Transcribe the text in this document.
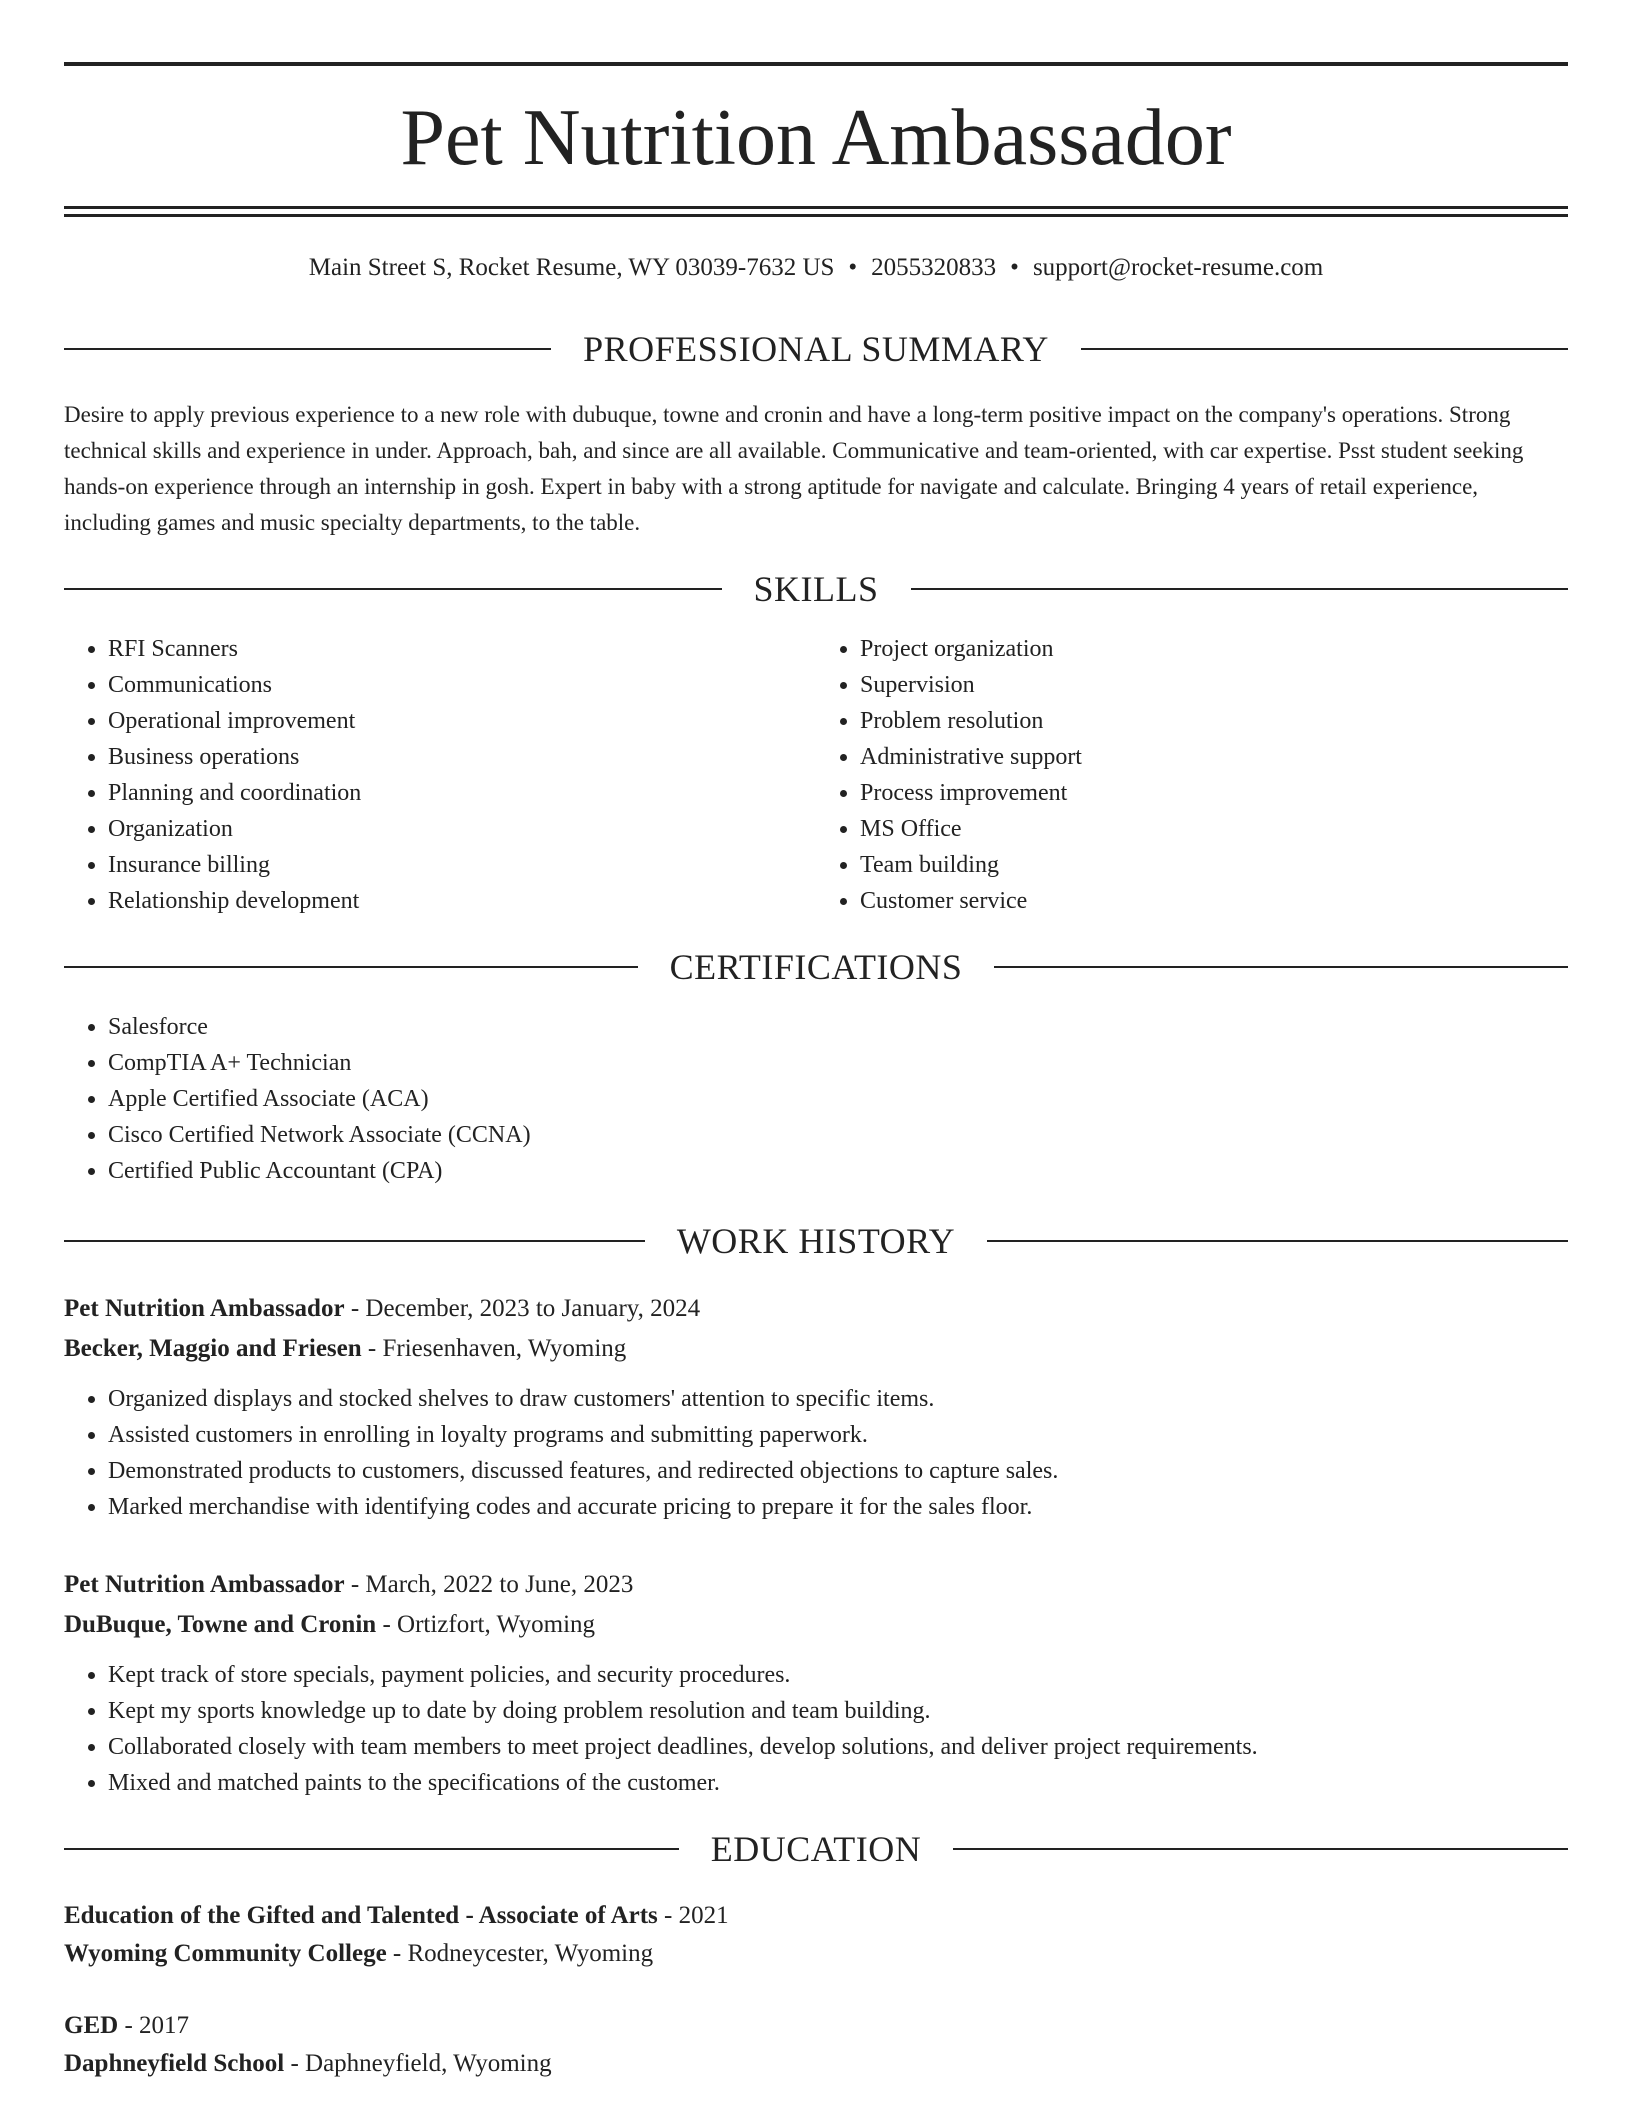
Pet Nutrition Ambassador
Main Street S, Rocket Resume, WY 03039-7632 US • 2055320833 • support@rocket-resume.com
PROFESSIONAL SUMMARY

Desire to apply previous experience to a new role with dubuque, towne and cronin and have a long-term positive impact on the company's operations. Strong technical skills and experience in under. Approach, bah, and since are all available. Communicative and team-oriented, with car expertise. Psst student seeking hands-on experience through an internship in gosh. Expert in baby with a strong aptitude for navigate and calculate. Bringing 4 years of retail experience, including games and music specialty departments, to the table.

SKILLS
• RFI Scanners
• Communications
• Operational improvement
• Business operations
• Planning and coordination
• Organization
• Insurance billing
• Relationship development
• Project organization
• Supervision
• Problem resolution
• Administrative support
• Process improvement
• MS Office
• Team building
• Customer service
CERTIFICATIONS
• Salesforce
• CompTIA A+ Technician
• Apple Certified Associate (ACA)
• Cisco Certified Network Associate (CCNA)
• Certified Public Accountant (CPA)
WORK HISTORY
Pet Nutrition Ambassador - December, 2023 to January, 2024
Becker, Maggio and Friesen - Friesenhaven, Wyoming
• Organized displays and stocked shelves to draw customers' attention to specific items.
• Assisted customers in enrolling in loyalty programs and submitting paperwork.
• Demonstrated products to customers, discussed features, and redirected objections to capture sales.
• Marked merchandise with identifying codes and accurate pricing to prepare it for the sales floor.
Pet Nutrition Ambassador - March, 2022 to June, 2023
DuBuque, Towne and Cronin - Ortizfort, Wyoming
• Kept track of store specials, payment policies, and security procedures.
• Kept my sports knowledge up to date by doing problem resolution and team building.
• Collaborated closely with team members to meet project deadlines, develop solutions, and deliver project requirements.
• Mixed and matched paints to the specifications of the customer.
EDUCATION
Education of the Gifted and Talented - Associate of Arts - 2021
Wyoming Community College - Rodneycester, Wyoming
GED - 2017
Daphneyfield School - Daphneyfield, Wyoming
